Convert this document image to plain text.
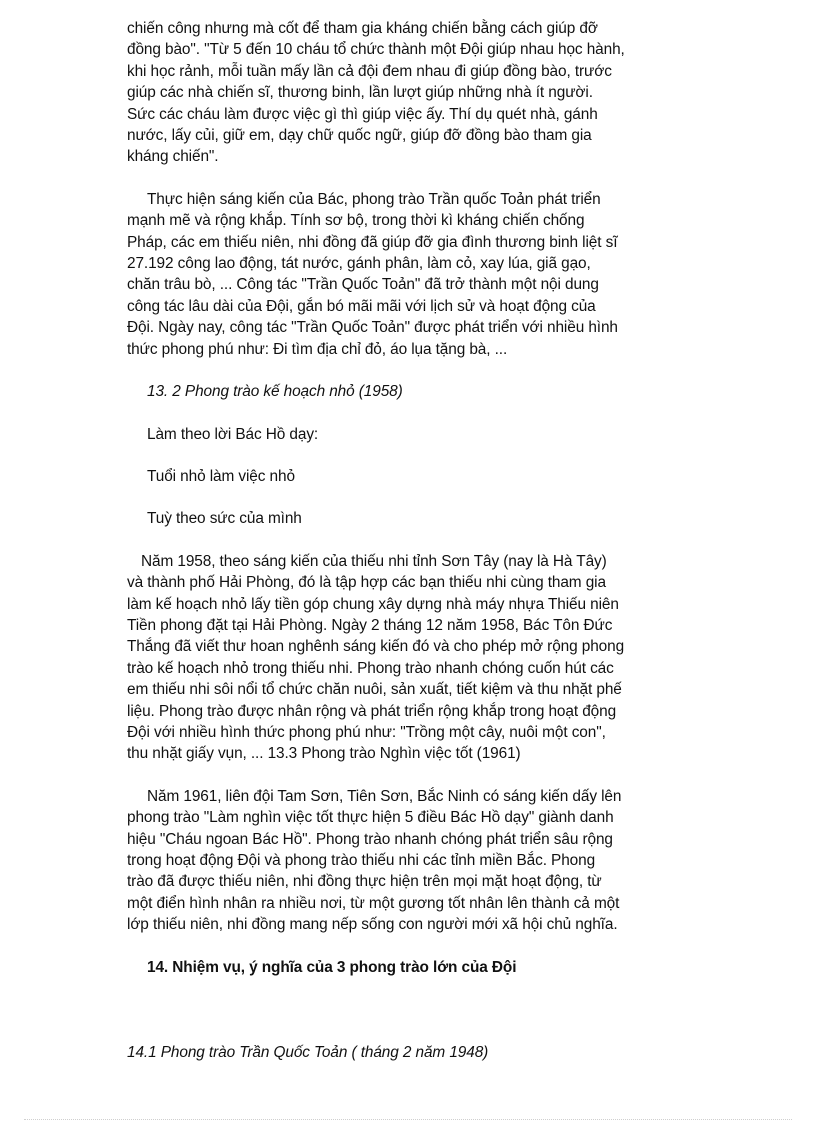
chiến công nhưng mà cốt để tham gia kháng chiến bằng cách giúp đỡ
đồng bào". "Từ 5 đến 10 cháu tổ chức thành một Đội giúp nhau học hành,
khi học rảnh, mỗi tuần mấy lần cả đội đem nhau đi giúp đồng bào, trước
giúp các nhà chiến sĩ, thương binh, lần lượt giúp những nhà ít người.
Sức các cháu làm được việc gì thì giúp việc ấy. Thí dụ quét nhà, gánh
nước, lấy củi, giữ em, dạy chữ quốc ngữ, giúp đỡ đồng bào tham gia
kháng chiến".
Thực hiện sáng kiến của Bác, phong trào Trần quốc Toản phát triển
mạnh mẽ và rộng khắp. Tính sơ bộ, trong thời kì kháng chiến chống
Pháp, các em thiếu niên, nhi đồng đã giúp đỡ gia đình thương binh liệt sĩ
27.192 công lao động, tát nước, gánh phân, làm cỏ, xay lúa, giã gạo,
chăn trâu bò, ... Công tác "Trần Quốc Toản" đã trở thành một nội dung
công tác lâu dài của Đội, gắn bó mãi mãi với lịch sử và hoạt động của
Đội. Ngày nay, công tác "Trần Quốc Toản" được phát triển với nhiều hình
thức phong phú như: Đi tìm địa chỉ đỏ, áo lụa tặng bà, ...
13. 2 Phong trào kế hoạch nhỏ (1958)
Làm theo lời Bác Hồ dạy:
Tuổi nhỏ làm việc nhỏ
Tuỳ theo sức của mình
Năm 1958, theo sáng kiến của thiếu nhi tỉnh Sơn Tây (nay là Hà Tây)
và thành phố Hải Phòng, đó là tập hợp các bạn thiếu nhi cùng tham gia
làm kế hoạch nhỏ lấy tiền góp chung xây dựng nhà máy nhựa Thiếu niên
Tiền phong đặt tại Hải Phòng. Ngày 2 tháng 12 năm 1958, Bác Tôn Đức
Thắng đã viết thư hoan nghênh sáng kiến đó và cho phép mở rộng phong
trào kế hoạch nhỏ trong thiếu nhi. Phong trào nhanh chóng cuốn hút các
em thiếu nhi sôi nổi tổ chức chăn nuôi, sản xuất, tiết kiệm và thu nhặt phế
liệu. Phong trào được nhân rộng và phát triển rộng khắp trong hoạt động
Đội với nhiều hình thức phong phú như: "Trồng một cây, nuôi một con",
thu nhặt giấy vụn, ... 13.3 Phong trào Nghìn việc tốt (1961)
Năm 1961, liên đội Tam Sơn, Tiên Sơn, Bắc Ninh có sáng kiến dấy lên
phong trào "Làm nghìn việc tốt thực hiện 5 điều Bác Hồ dạy" giành danh
hiệu "Cháu ngoan Bác Hồ". Phong trào nhanh chóng phát triển sâu rộng
trong hoạt động Đội và phong trào thiếu nhi các tỉnh miền Bắc. Phong
trào đã được thiếu niên, nhi đồng thực hiện trên mọi mặt hoạt động, từ
một điển hình nhân ra nhiều nơi, từ một gương tốt nhân lên thành cả một
lớp thiếu niên, nhi đồng mang nếp sống con người mới xã hội chủ nghĩa.
14. Nhiệm vụ, ý nghĩa của 3 phong trào lớn của Đội
14.1 Phong trào Trần Quốc Toản ( tháng 2 năm 1948)
